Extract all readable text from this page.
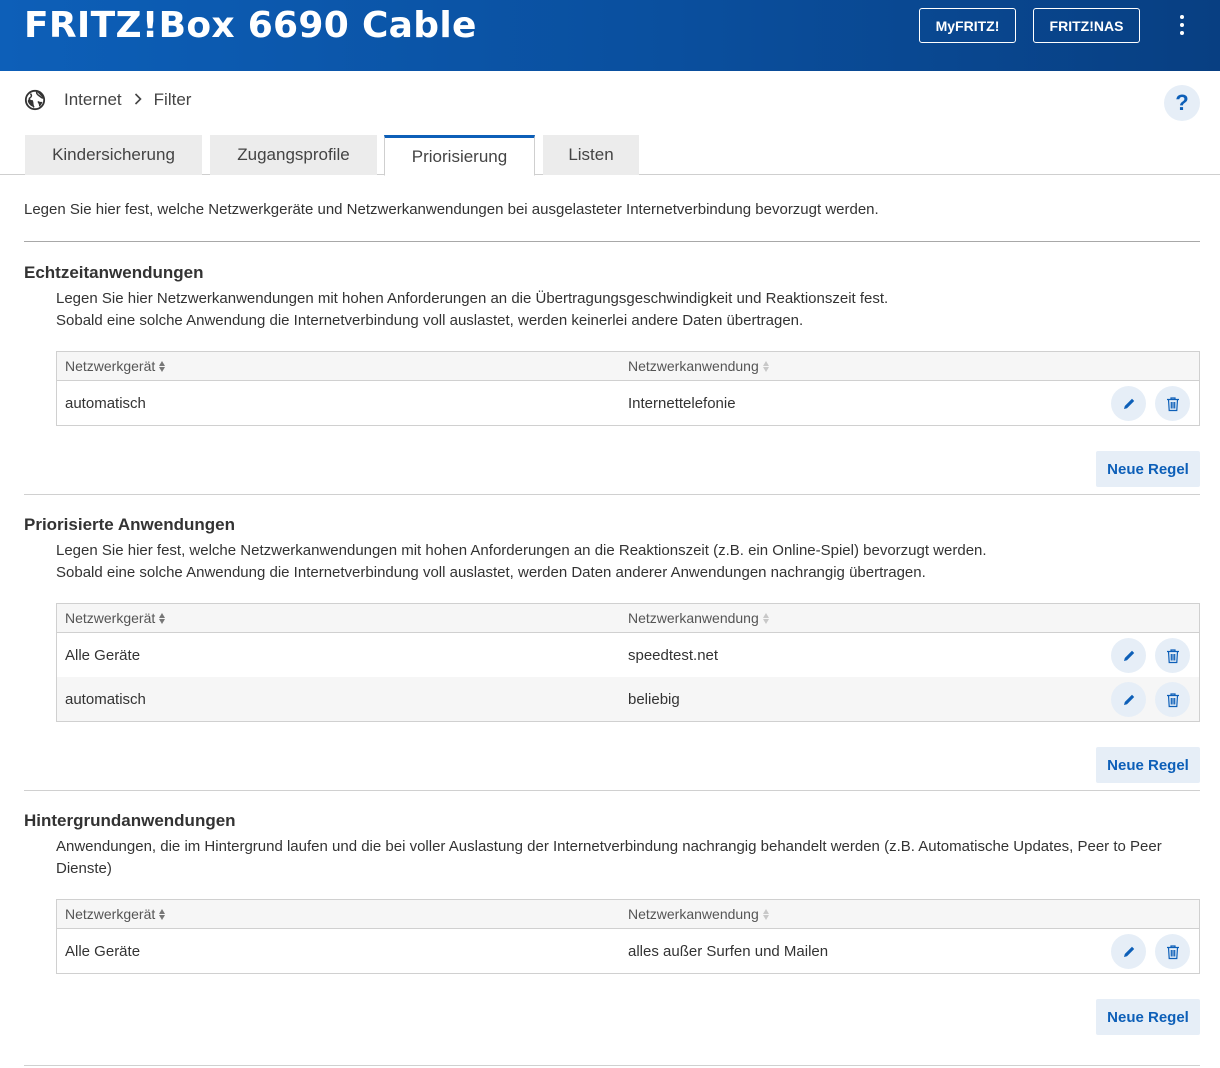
FRITZ!Box 6690 Cable	MyFRITZ!	FRITZ!NAS
Internet Filter	?
Kindersicherung	Zugangsprofile	Priorisierung	Listen
Legen Sie hier fest, welche Netzwerkgeräte und Netzwerkanwendungen bei ausgelasteter Internetverbindung bevorzugt werden.
Echtzeitanwendungen
Legen Sie hier Netzwerkanwendungen mit hohen Anforderungen an die Übertragungsgeschwindigkeit und Reaktionszeit fest.
Sobald eine solche Anwendung die Internetverbindung voll auslastet, werden keinerlei andere Daten übertragen.
Netzwerkgerät	Netzwerkanwendung
automatisch	Internettelefonie
Neue Regel
Priorisierte Anwendungen
Legen Sie hier fest, welche Netzwerkanwendungen mit hohen Anforderungen an die Reaktionszeit (z.B. ein Online-Spiel) bevorzugt werden.
Sobald eine solche Anwendung die Internetverbindung voll auslastet, werden Daten anderer Anwendungen nachrangig übertragen.
Netzwerkgerät	Netzwerkanwendung
Alle Geräte	speedtest.net
automatisch	beliebig
Neue Regel
Hintergrundanwendungen
Anwendungen, die im Hintergrund laufen und die bei voller Auslastung der Internetverbindung nachrangig behandelt werden (z.B. Automatische Updates, Peer to Peer Dienste)
Netzwerkgerät	Netzwerkanwendung
Alle Geräte	alles außer Surfen und Mailen
Neue Regel
